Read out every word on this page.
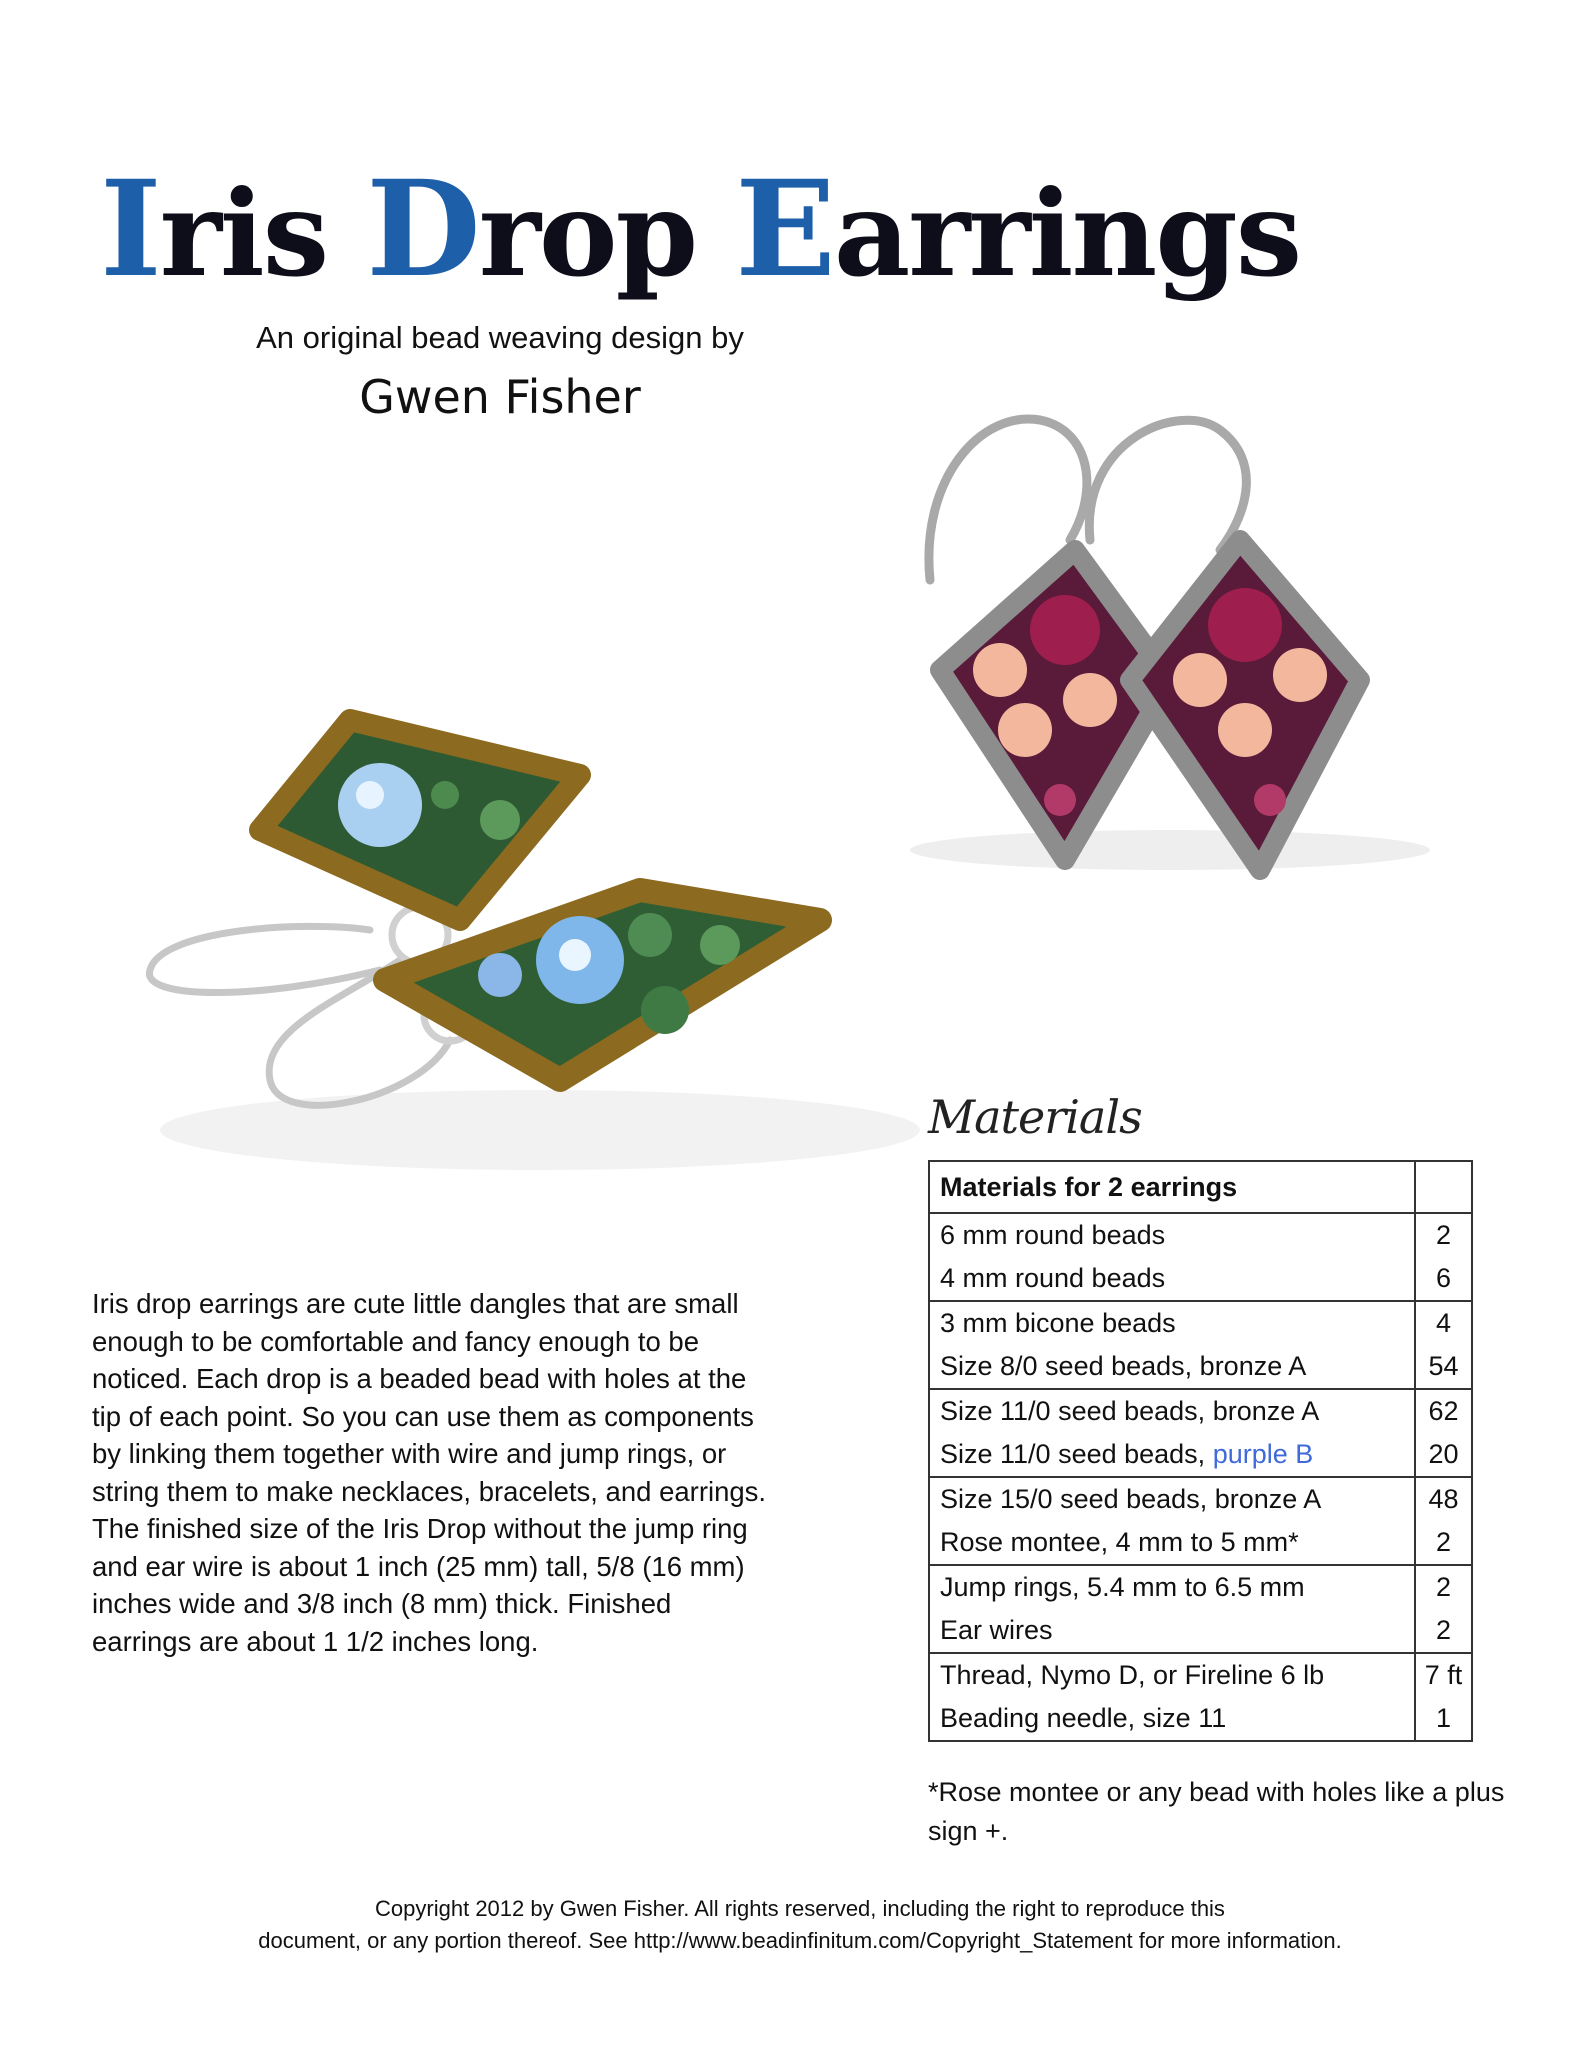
Iris Drop Earrings
An original bead weaving design by
Gwen Fisher
Iris drop earrings are cute little dangles that are small enough to be comfortable and fancy enough to be noticed. Each drop is a beaded bead with holes at the tip of each point. So you can use them as components by linking them together with wire and jump rings, or string them to make necklaces, bracelets, and earrings. The finished size of the Iris Drop without the jump ring and ear wire is about 1 inch (25 mm) tall, 5/8 (16 mm) inches wide and 3/8 inch (8 mm) thick. Finished earrings are about 1 1/2 inches long.
Materials
Materials for 2 earrings	
6 mm round beads	2
4 mm round beads	6
3 mm bicone beads	4
Size 8/0 seed beads, bronze A	54
Size 11/0 seed beads, bronze A	62
Size 11/0 seed beads, purple B	20
Size 15/0 seed beads, bronze A	48
Rose montee, 4 mm to 5 mm*	2
Jump rings, 5.4 mm to 6.5 mm	2
Ear wires	2
Thread, Nymo D, or Fireline 6 lb	7 ft
Beading needle, size 11	1
*Rose montee or any bead with holes like a plus sign +.
Copyright 2012 by Gwen Fisher. All rights reserved, including the right to reproduce this
document, or any portion thereof. See http://www.beadinfinitum.com/Copyright_Statement for more information.
